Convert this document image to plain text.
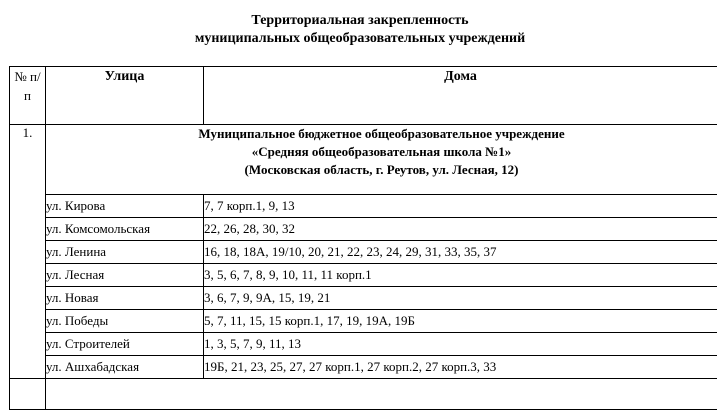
Территориальная закрепленность
муниципальных общеобразовательных учреждений
№ п/ п	Улица	Дома
1.	Муниципальное бюджетное общеобразовательное учреждение
«Средняя общеобразовательная школа №1»
(Московская область, г. Реутов, ул. Лесная, 12)	

	ул. Кирова	7, 7 корп.1, 9, 13
	ул. Комсомольская	22, 26, 28, 30, 32
	ул. Ленина	16, 18, 18А, 19/10, 20, 21, 22, 23, 24, 29, 31, 33, 35, 37
	ул. Лесная	3, 5, 6, 7, 8, 9, 10, 11, 11 корп.1
	ул. Новая	3, 6, 7, 9, 9А, 15, 19, 21
	ул. Победы	5, 7, 11, 15, 15 корп.1, 17, 19, 19А, 19Б
	ул. Строителей	1, 3, 5, 7, 9, 11, 13
	ул. Ашхабадская	19Б, 21, 23, 25, 27, 27 корп.1, 27 корп.2, 27 корп.3, 33
